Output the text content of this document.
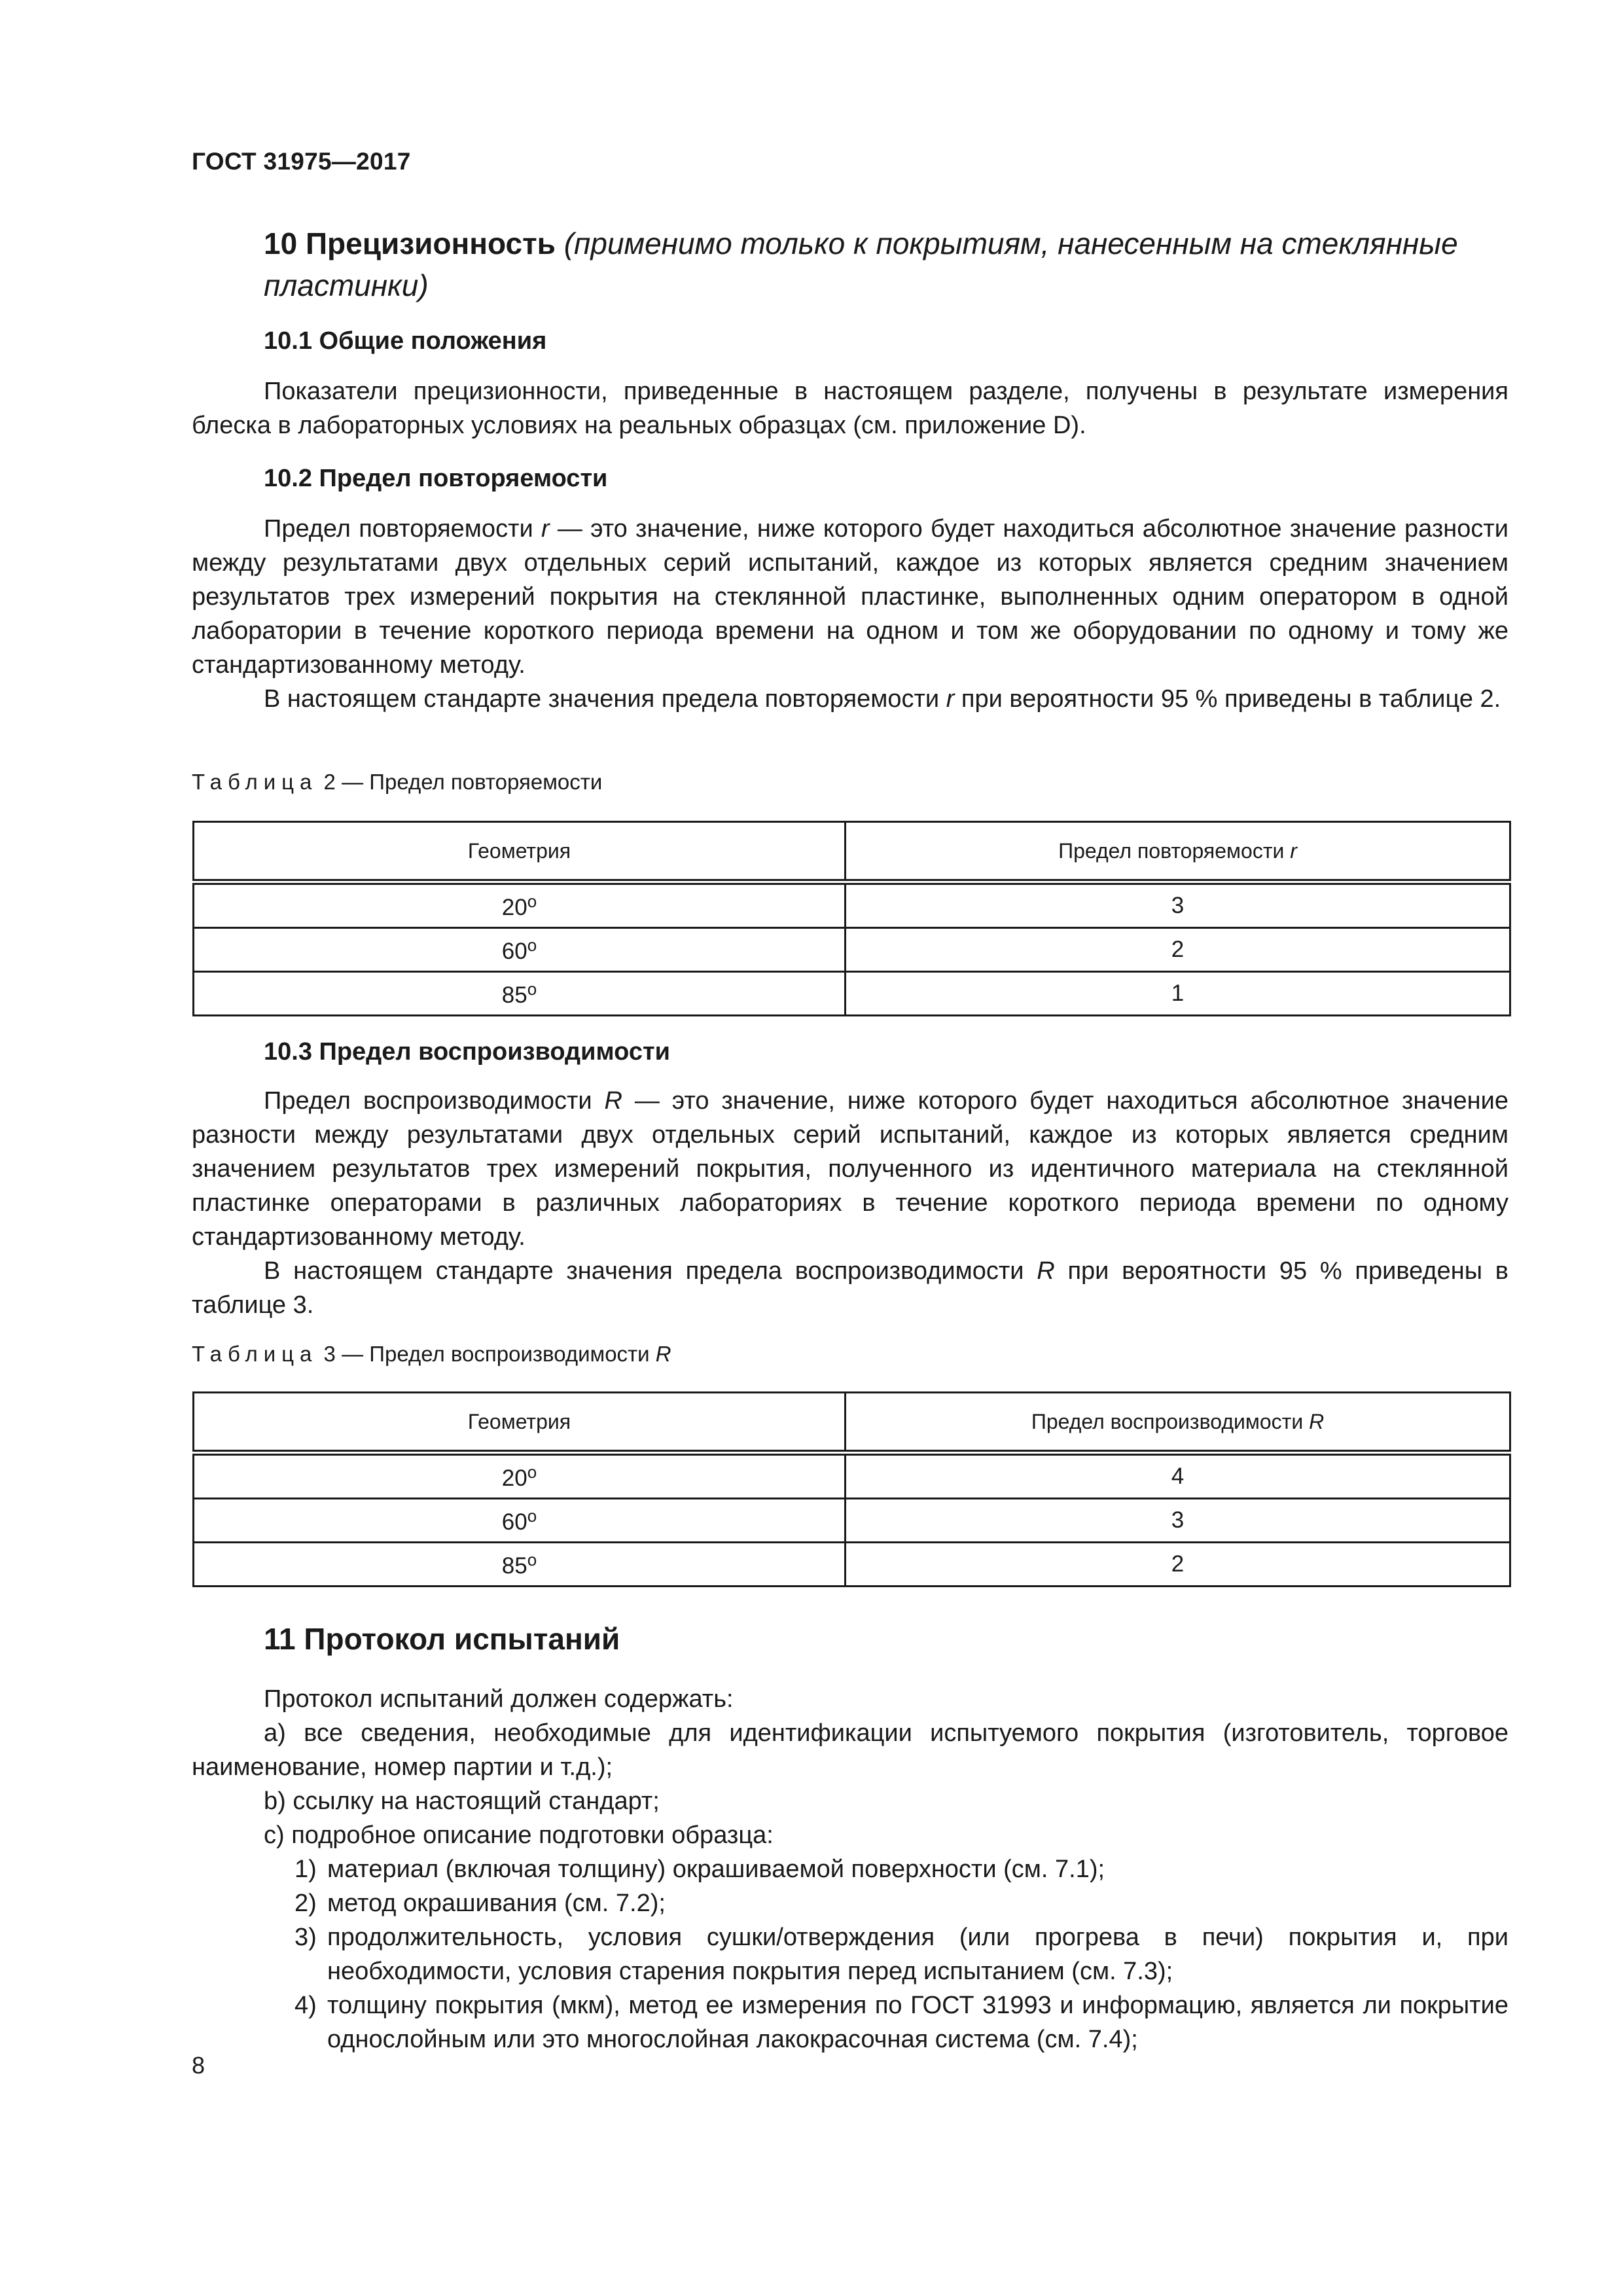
ГОСТ 31975—2017
10 Прецизионность (применимо только к покрытиям, нанесенным на стеклянные пластинки)
10.1 Общие положения

Показатели прецизионности, приведенные в настоящем разделе, получены в результате измерения блеска в лабораторных условиях на реальных образцах (см. приложение D).

10.2 Предел повторяемости

Предел повторяемости r — это значение, ниже которого будет находиться абсолютное значение разности между результатами двух отдельных серий испытаний, каждое из которых является средним значением результатов трех измерений покрытия на стеклянной пластинке, выполненных одним оператором в одной лаборатории в течение короткого периода времени на одном и том же оборудовании по одному и тому же стандартизованному методу.

В настоящем стандарте значения предела повторяемости r при вероятности 95 % приведены в таблице 2.

Таблица 2 — Предел повторяемости
Геометрия	Предел повторяемости r
20$^o$	3
60$^o$	2
85$^o$	1
10.3 Предел воспроизводимости

Предел воспроизводимости R — это значение, ниже которого будет находиться абсолютное значение разности между результатами двух отдельных серий испытаний, каждое из которых является средним значением результатов трех измерений покрытия, полученного из идентичного материала на стеклянной пластинке операторами в различных лабораториях в течение короткого периода времени по одному стандартизованному методу.

В настоящем стандарте значения предела воспроизводимости R при вероятности 95 % приведены в таблице 3.

Таблица 3 — Предел воспроизводимости R
Геометрия	Предел воспроизводимости R
20$^o$	4
60$^o$	3
85$^o$	2
11 Протокол испытаний

Протокол испытаний должен содержать:

a) все сведения, необходимые для идентификации испытуемого покрытия (изготовитель, торговое наименование, номер партии и т.д.);

b) ссылку на настоящий стандарт;

c) подробное описание подготовки образца:

1) материал (включая толщину) окрашиваемой поверхности (см. 7.1);
2) метод окрашивания (см. 7.2);
3) продолжительность, условия сушки/отверждения (или прогрева в печи) покрытия и, при необходимости, условия старения покрытия перед испытанием (см. 7.3);
4) толщину покрытия (мкм), метод ее измерения по ГОСТ 31993 и информацию, является ли покрытие однослойным или это многослойная лакокрасочная система (см. 7.4);
8
